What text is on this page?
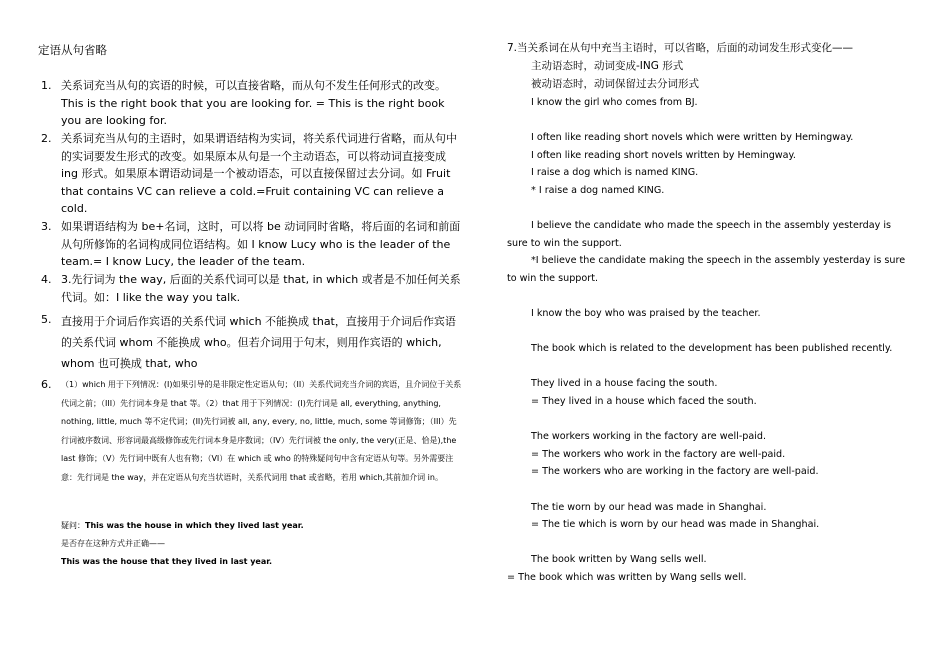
定语从句省略
1. 关系词充当从句的宾语的时候，可以直接省略，而从句不发生任何形式的改变。This is the right book that you are looking for. = This is the right book you are looking for.
2. 关系词充当从句的主语时，如果谓语结构为实词，将关系代词进行省略，而从句中的实词要发生形式的改变。如果原本从句是一个主动语态，可以将动词直接变成 ing 形式。如果原本谓语动词是一个被动语态，可以直接保留过去分词。如 Fruit that contains VC can relieve a cold.=Fruit containing VC can relieve a cold.
3. 如果谓语结构为 be+名词，这时，可以将 be 动词同时省略，将后面的名词和前面从句所修饰的名词构成同位语结构。如 I know Lucy who is the leader of the team.= I know Lucy, the leader of the team.
4. 3.先行词为 the way, 后面的关系代词可以是 that, in which 或者是不加任何关系代词。如：I like the way you talk.
5. 直接用于介词后作宾语的关系代词 which 不能换成 that，直接用于介词后作宾语的关系代词 whom 不能换成 who。但若介词用于句末，则用作宾语的 which, whom 也可换成 that, who
6. （1）which 用于下列情况：(I)如果引导的是非限定性定语从句；（II）关系代词充当介词的宾语，且介词位于关系代词之前；（III）先行词本身是 that 等。（2）that 用于下列情况：(I)先行词是 all, everything, anything, nothing, little, much 等不定代词；(II)先行词被 all, any, every, no, little, much, some 等词修饰；（III）先行词被序数词、形容词最高级修饰或先行词本身是序数词；（IV）先行词被 the only, the very(正是、恰是),the last 修饰；（V）先行词中既有人也有物；（VI）在 which 或 who 的特殊疑问句中含有定语从句等。另外需要注意：先行词是 the way，并在定语从句充当状语时，关系代词用 that 或省略，若用 which,其前加介词 in。
疑问：This was the house in which they lived last year.
是否存在这种方式并正确——
This was the house that they lived in last year.
7.当关系词在从句中充当主语时，可以省略，后面的动词发生形式变化——
主动语态时，动词变成-ING 形式
被动语态时，动词保留过去分词形式
I know the girl who comes from BJ.
I often like reading short novels which were written by Hemingway.
I often like reading short novels written by Hemingway.
I raise a dog which is named KING.
* I raise a dog named KING.
I believe the candidate who made the speech in the assembly yesterday is sure to win the support.
*I believe the candidate making the speech in the assembly yesterday is sure to win the support.
I know the boy who was praised by the teacher.
The book which is related to the development has been published recently.
They lived in a house facing the south.
= They lived in a house which faced the south.
The workers working in the factory are well-paid.
= The workers who work in the factory are well-paid.
= The workers who are working in the factory are well-paid.
The tie worn by our head was made in Shanghai.
= The tie which is worn by our head was made in Shanghai.
The book written by Wang sells well.
= The book which was written by Wang sells well.
